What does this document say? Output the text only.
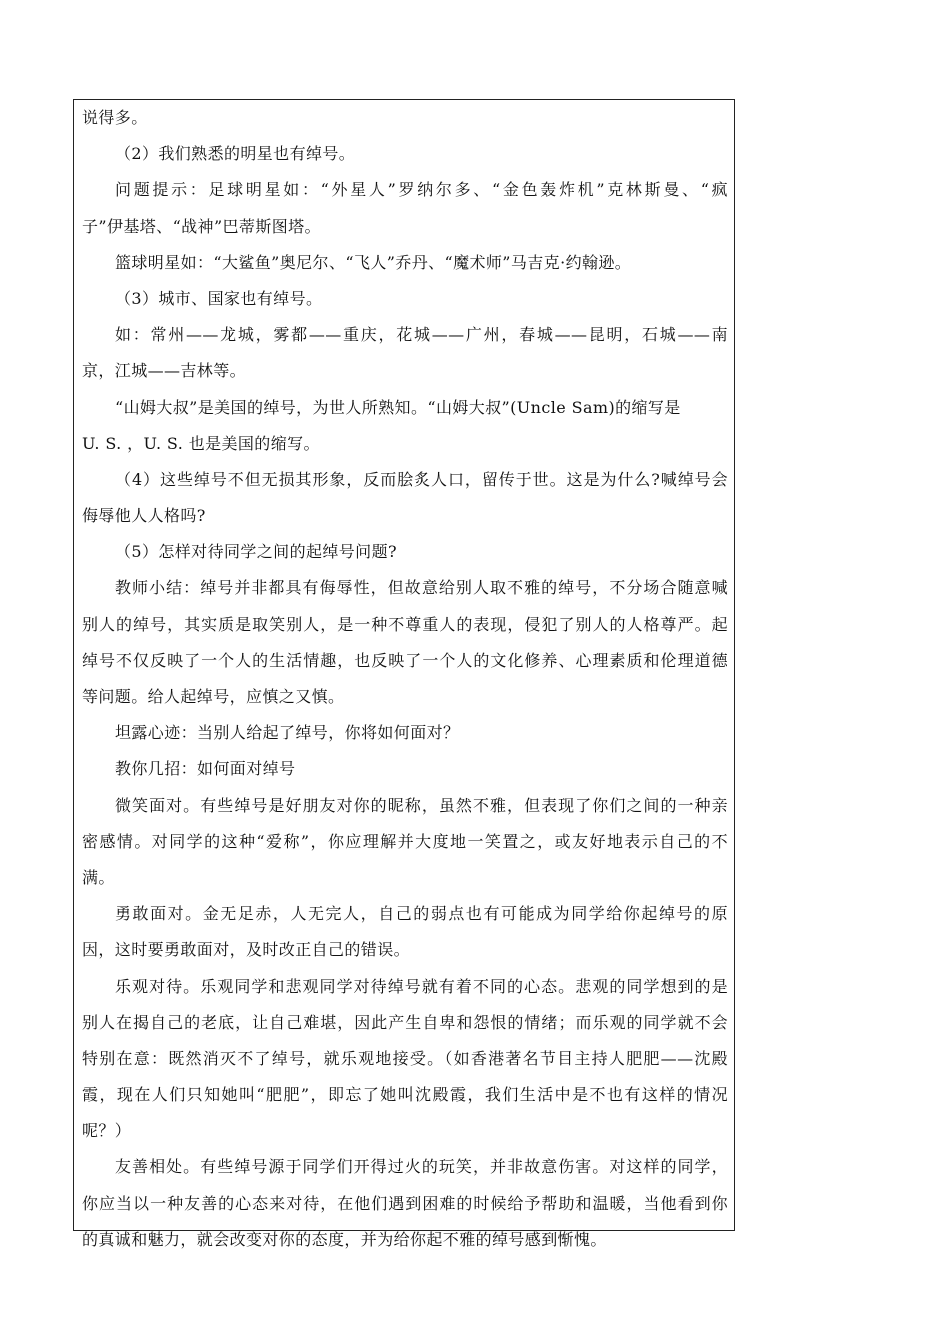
说得多。
（2）我们熟悉的明星也有绰号。
问题提示：足球明星如：“外星人”罗纳尔多、“金色轰炸机”克林斯曼、“疯
子”伊基塔、“战神”巴蒂斯图塔。
篮球明星如：“大鲨鱼”奥尼尔、“飞人”乔丹、“魔术师”马吉克·约翰逊。
（3）城市、国家也有绰号。
如：常州——龙城，雾都——重庆，花城——广州，春城——昆明，石城——南
京，江城——吉林等。
“山姆大叔”是美国的绰号，为世人所熟知。“山姆大叔”(Uncle Sam)的缩写是
U. S. ，U. S. 也是美国的缩写。
（4）这些绰号不但无损其形象，反而脍炙人口，留传于世。这是为什么?喊绰号会
侮辱他人人格吗?
（5）怎样对待同学之间的起绰号问题?
教师小结：绰号并非都具有侮辱性，但故意给别人取不雅的绰号，不分场合随意喊
别人的绰号，其实质是取笑别人，是一种不尊重人的表现，侵犯了别人的人格尊严。起
绰号不仅反映了一个人的生活情趣，也反映了一个人的文化修养、心理素质和伦理道德
等问题。给人起绰号，应慎之又慎。
坦露心迹：当别人给起了绰号，你将如何面对？
教你几招：如何面对绰号
微笑面对。有些绰号是好朋友对你的昵称，虽然不雅，但表现了你们之间的一种亲
密感情。对同学的这种“爱称”，你应理解并大度地一笑置之，或友好地表示自己的不
满。
勇敢面对。金无足赤，人无完人，自己的弱点也有可能成为同学给你起绰号的原
因，这时要勇敢面对，及时改正自己的错误。
乐观对待。乐观同学和悲观同学对待绰号就有着不同的心态。悲观的同学想到的是
别人在揭自己的老底，让自己难堪，因此产生自卑和怨恨的情绪；而乐观的同学就不会
特别在意：既然消灭不了绰号，就乐观地接受。（如香港著名节目主持人肥肥——沈殿
霞，现在人们只知她叫“肥肥”，即忘了她叫沈殿霞，我们生活中是不也有这样的情况
呢？）
友善相处。有些绰号源于同学们开得过火的玩笑，并非故意伤害。对这样的同学，
你应当以一种友善的心态来对待，在他们遇到困难的时候给予帮助和温暖，当他看到你
的真诚和魅力，就会改变对你的态度，并为给你起不雅的绰号感到惭愧。
